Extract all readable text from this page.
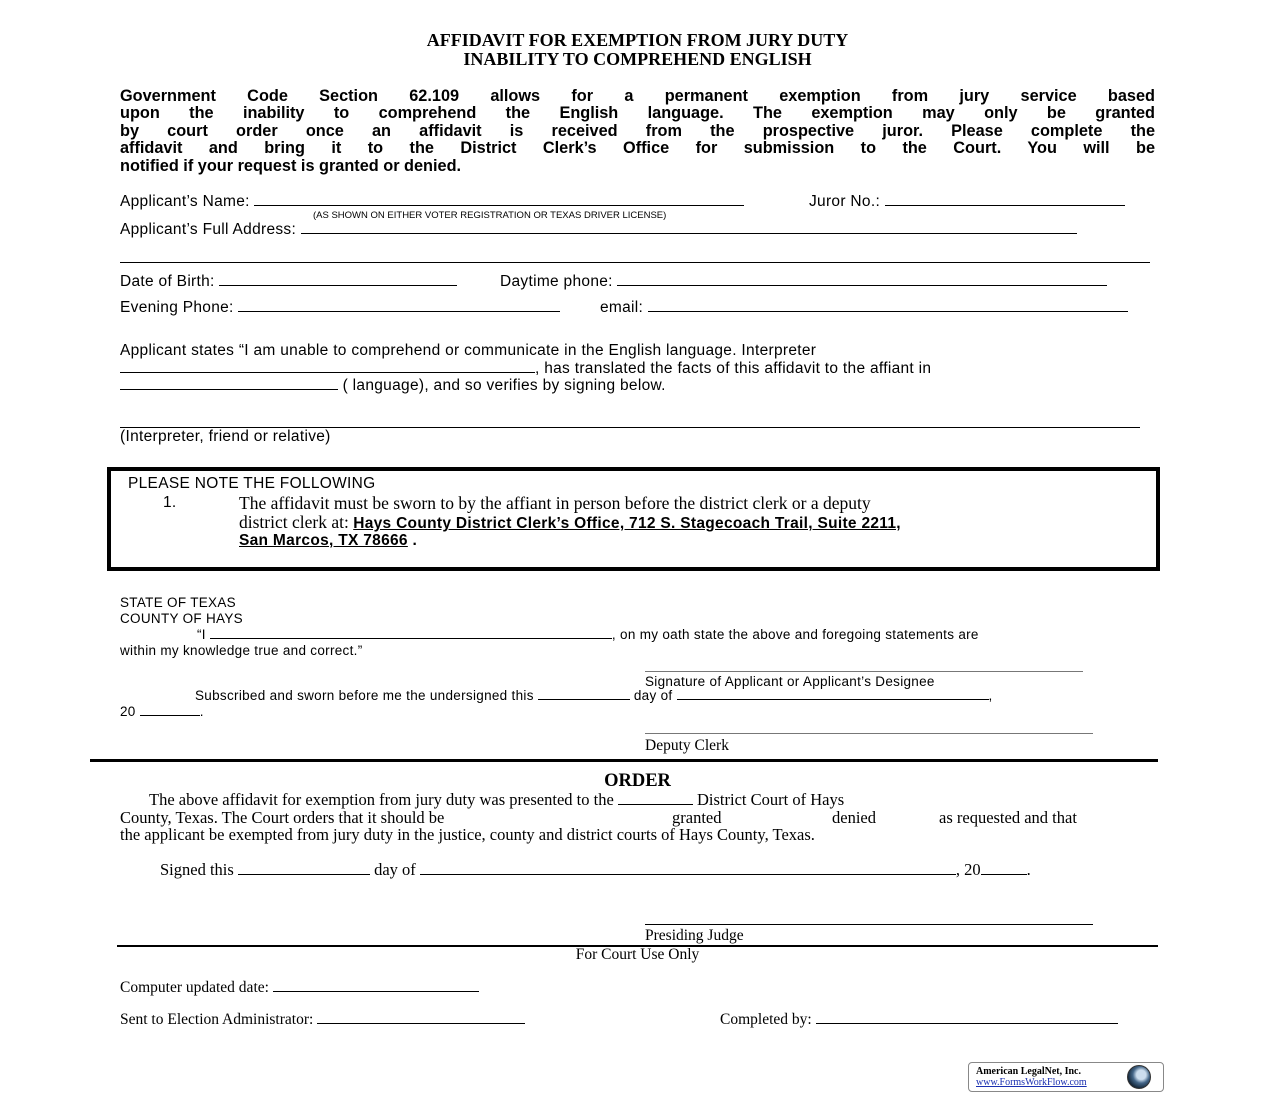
AFFIDAVIT FOR EXEMPTION FROM JURY DUTY
INABILITY TO COMPREHEND ENGLISH
Government Code Section 62.109 allows for a permanent exemption from jury service based
upon the inability to comprehend the English language. The exemption may only be granted
by court order once an affidavit is received from the prospective juror. Please complete the
affidavit and bring it to the District Clerk’s Office for submission to the Court. You will be
notified if your request is granted or denied.
Applicant’s Name:	Juror No.:
(AS SHOWN ON EITHER VOTER REGISTRATION OR TEXAS DRIVER LICENSE)
Applicant’s Full Address:
Date of Birth:	Daytime phone:
Evening Phone:	email:
Applicant states “I am unable to comprehend or communicate in the English language. Interpreter
, has translated the facts of this affidavit to the affiant in
( language), and so verifies by signing below.
(Interpreter, friend or relative)
PLEASE NOTE THE FOLLOWING
1.	The affidavit must be sworn to by the affiant in person before the district clerk or a deputy
district clerk at: Hays County District Clerk’s Office, 712 S. Stagecoach Trail, Suite 2211,
San Marcos, TX 78666 .
STATE OF TEXAS
COUNTY OF HAYS
“I	, on my oath state the above and foregoing statements are
within my knowledge true and correct.”
Signature of Applicant or Applicant’s Designee
Subscribed and sworn before me the undersigned this	day of	,
20	.
Deputy Clerk
ORDER
The above affidavit for exemption from jury duty was presented to the	District Court of Hays
County, Texas. The Court orders that it should be	granted	denied	as requested and that
the applicant be exempted from jury duty in the justice, county and district courts of Hays County, Texas.
Signed this	day of	, 20	.
Presiding Judge
For Court Use Only
Computer updated date:
Sent to Election Administrator:	Completed by:
American LegalNet, Inc.
www.FormsWorkFlow.com
